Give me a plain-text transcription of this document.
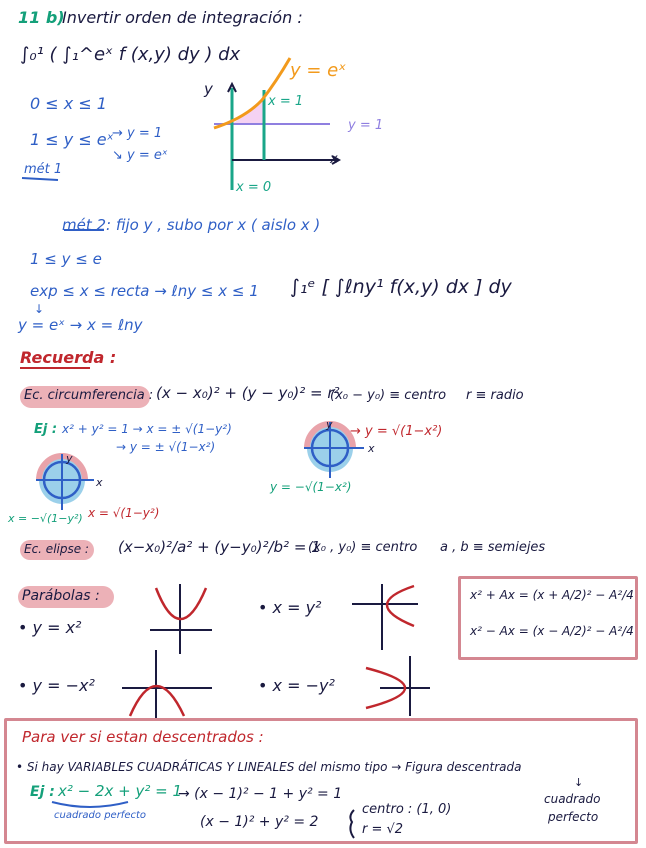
11 b)
Invertir orden de integración :
∫₀¹ ( ∫₁^eˣ f (x,y) dy ) dx
0 ≤ x ≤ 1
1 ≤ y ≤ eˣ
→ y = 1
↘ y = eˣ
mét 1
y
x
y = eˣ
x = 1
y = 1
x = 0
mét 2 : fijo y , subo por x ( aislo x )
1 ≤ y ≤ e
exp ≤ x ≤ recta → ℓny ≤ x ≤ 1
↓
y = eˣ → x = ℓny
∫₁ᵉ [ ∫ℓny¹ f(x,y) dx ] dy
Recuerda :
Ec. circumferencia : (x − x₀)² + (y − y₀)² = r²
(x₀ − y₀) ≡ centro r ≡ radio
Ej : x² + y² = 1 → x = ± √(1−y²)
→ y = ± √(1−x²)
→ y = √(1−x²)
y = −√(1−x²)
y
x
y
x
x = −√(1−y²) x = √(1−y²)
Ec. elipse : (x−x₀)²/a² + (y−y₀)²/b² = 1
(x₀ , y₀) ≡ centro a , b ≡ semiejes
Parábolas :
• y = x²
• x = y²
• y = −x²	• x = −y²
x² + Ax = (x + A/2)² − A²/4
x² − Ax = (x − A/2)² − A²/4
Para ver si estan descentrados :
• Si hay VARIABLES CUADRÁTICAS Y LINEALES del mismo tipo → Figura descentrada
Ej : x² − 2x + y² = 1
cuadrado perfecto
→ (x − 1)² − 1 + y² = 1
(x − 1)² + y² = 2
centro : (1, 0)
r = √2
↓
cuadrado
perfecto
